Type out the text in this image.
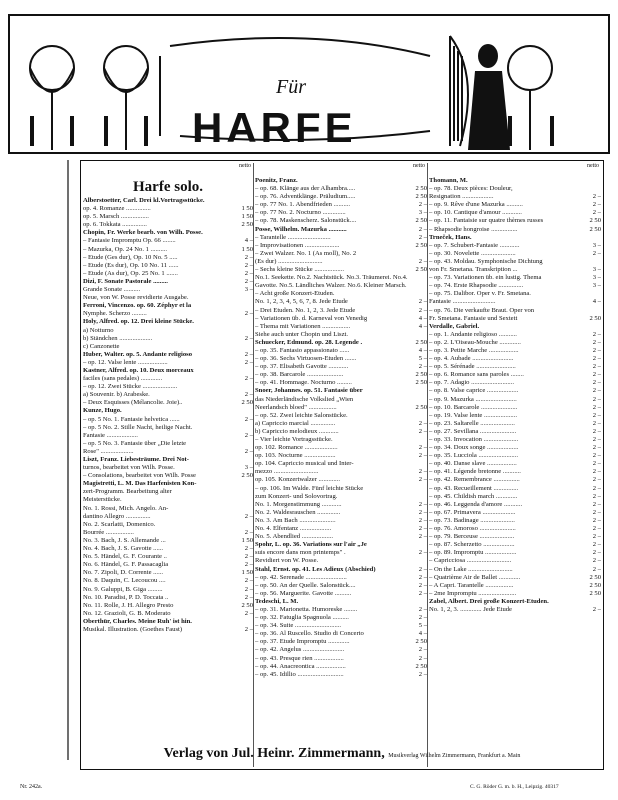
Für
HARFE
netto
Harfe solo.
Alberstoetter, Carl. Drei kl.Vortragsstücke.
op. 4. Romanze ...............	1 50
op. 5. Marsch .................	1 50
op. 6. Tokkata ...............	2 50
Chopin, Fr. Werke bearb. von Wilh. Posse.
– Fantasie Impromptu Op. 66 ........	4 –
– Mazurka, Op. 24 No. 1 ..........	1 50
– Etude (Ges dur), Op. 10 No. 5 .....	2 –
– Etude (Es dur), Op. 10 No. 11 ......	2 –
– Etude (As dur), Op. 25 No. 1 .......	2 –
Dizi, F. Sonate Pastorale .........	2 –
Grande Sonate ..........	3 –
Neue, von W. Posse revidierte Ausgabe.
Ferroni, Vincenzo. op. 60. Zéphyr et la
Nymphe. Scherzo .........	2 –
Holy, Alfred. op. 12. Drei kleine Stücke.
a) Notturno
b) Ständchen ....................	2 –
c) Canzonette
Huber, Walter. op. 5. Andante religioso	2 –
– op. 12. Valse lente ..................	2 –
Kastner, Alfred. op. 10. Deux morceaux
faciles (sans pedales) .............	2 –
– op. 12. Zwei Stücke .....................
a) Souvenir. b) Arabeske.	2 –
– Deux Esquisses (Mélancolie. Joie)..	2 50
Kunze, Hugo.
– op. 5 No. 1. Fantasie helvetica ......	2 –
– op. 5 No. 2. Stille Nacht, heilige Nacht.
Fantasie ...................	2 –
– op. 5 No. 3. Fantasie über „Die letzte
Rose" ....................	2 –
Liszt, Franz. Liebesträume. Drei Not-
turnos, bearbeitet von Wilh. Posse.	3 –
– Consolations, bearbeitet von Wilh. Posse	2 50
Magistretti, L. M. Das Harfenisten Kon-
zert-Programm. Bearbeitung alter
Meisterstücke.
No. 1. Rossi, Mich. Angelo. An-
dantino Allegro ...............	2 –
No. 2. Scarlatti, Domenico.
Bourrée .................	2 –
No. 3. Bach, J. S. Allemande ...	1 50
No. 4. Bach, J. S. Gavotte ......	2 –
No. 5. Händel, G. F. Courante ..	2 –
No. 6. Händel, G. F. Passacaglia	2 –
No. 7. Zipoli, D. Corrente ......	1 50
No. 8. Daquin, C. Lecoucou ....	2 –
No. 9. Galuppi, B. Giga .........	2 –
No. 10. Paradisi, P. D. Toccata ..	2 –
No. 11. Rolle, J. H. Allegro Presto	2 50
No. 12. Grazioli, G. B. Moderato	2 –
Oberthür, Charles. Meine Ruh' ist hin.
Musikal. Illustration. (Goethes Faust)	2 –
netto
Poenitz, Franz.
– op. 68. Klänge aus der Alhambra.....	2 50
– op. 76. Adventklänge. Präludium.....	2 50
– op. 77 No. 1. Abendfrieden ..........	2 –
– op. 77 No. 2. Nocturno ..............	3 –
– op. 78. Maskenscherz. Salonstück....	2 50
Posse, Wilhelm. Mazurka ...........	2 –
– Tarantelle ..........................	2 –
– Improvisationen .....................	2 50
– Zwei Walzer. No. 1 (As moll), No. 2
(Es dur) ...........................	2 –
– Sechs kleine Stücke ..................	2 50
No.1. Seekette. No.2. Nachtstück. No.3. Träumerei. No.4.
Gavotte. No.5. Ländliches Walzer. No.6. Kleiner Marsch.
– Acht große Konzert-Etuden.
No. 1, 2, 3, 4, 5, 6, 7, 8. Jede Etude	2 –
– Drei Etuden. No. 1, 2, 3. Jede Etude	2 –
– Variationen üb. d. Karneval von Venedig	4 –
– Thema mit Variationen .................	4 –
Siehe auch unter Chopin und Liszt.
Schuecker, Edmund. op. 28. Legende .	2 50
– op. 35. Fantasio appassionato ......	4 –
– op. 36. Sechs Virtuosen-Etuden .......	5 –
– op. 37. Elisabeth Gavotte ............	2 –
– op. 38. Barcarole ......................	2 50
– op. 41. Hommage. Nocturno .........	2 50
Snoer, Johannes. op. 51. Fantasie über
das Niederländische Volkslied „Wien
Neerlandsch bloed" .................	2 50
– op. 52. Zwei leichte Salonstücke.
a) Capriccio marcial ...............	2 –
b) Capriccio melodieux ............	2 –
– Vier leichte Vortragsstücke.
op. 102. Romance ....................	2 –
op. 103. Nocturne ...................	2 –
op. 104. Capriccio musical und Inter-
mezzo ...........................	2 –
op. 105. Konzertwalzer .............	2 –
– op. 106. Im Walde. Fünf leichte Stücke
zum Konzert- und Solovortrag.
No. 1. Morgenstimmung ............	2 –
No. 2. Waldesrauschen ..............	2 –
No. 3. Am Bach ......................	2 –
No. 4. Elfentanz ...................	2 –
No. 5. Abendlied ...................	2 –
Spohr, L. op. 36. Variations sur l'air „Je
suis encore dans mon printemps" .	2 –
Revidiert von W. Posse.
Stahl, Ernst. op. 41. Les Adieux (Abschied)	2 –
– op. 42. Serenade .........................	2 –
– op. 50. An der Quelle. Salonstück....	2 –
– op. 56. Marguerite. Gavotte ..........	2 –
Tedeschi, L. M.
– op. 31. Marionetta. Humoreske ........	2 –
– op. 32. Fatuglia Spagnuola ..........	2 –
– op. 34. Suite ............................	5 –
– op. 36. Al Ruscello. Studio di Concerto	4 –
– op. 37. Etude Impromptu .............	2 50
– op. 42. Angelus .........................	2 –
– op. 43. Presque rien ..................	2 –
– op. 44. Anacreontica ..................	2 50
– op. 45. Idillio ............................	2 –
netto
Thomann, M.
– op. 78. Deux pièces: Douleur,
Resignation ...................	2 –
– op. 9. Rêve d'une Mazurka ..........	2 –
– op. 10. Cantique d'amour ............	2 –
– op. 11. Fantaisie sur quatre thèmes russes	2 50
– Rhapsodie hongroise ................	2 50
Trneček, Hans.
– op. 7. Schubert-Fantasie ............	3 –
– op. 30. Novelette .....................	2 –
– op. 43. Moldau. Symphonische Dichtung
von Fr. Smetana. Transkription ...	3 –
– op. 73. Variationen üb. ein lustig. Thema	3 –
– op. 74. Erste Rhapsodie ...............	3 –
– op. 75. Dalibor. Oper v. Fr. Smetana.
Fantasie ..........................	4 –
– op. 76. Die verkaufte Braut. Oper von
Fr. Smetana. Fantasie und Sextett	2 50
Verdalle, Gabriel.
– op. 1. Andante religioso ...........	2 –
– op. 2. L'Oiseau-Mouche .............	2 –
– op. 3. Petite Marche ..................	2 –
– op. 4. Aubade .........................	2 –
– op. 5. Sérénade ........................	2 –
– op. 6. Romance sans paroles ........	2 –
– op. 7. Adagio ..........................	2 –
– op. 8. Valse caprice ...................	2 –
– op. 9. Mazurka .........................	2 –
– op. 10. Barcarole ......................	2 –
– op. 19. Valse lente ....................	2 –
– op. 23. Saltarelle .....................	2 –
– op. 27. Sevillana ......................	2 –
– op. 33. Invocation .....................	2 –
– op. 34. Doux songe ...................	2 –
– op. 35. Lucciola ........................	2 –
– op. 40. Danse slave ..................	2 –
– op. 41. Légende bretonne ...........	2 –
– op. 42. Remembrance ................	2 –
– op. 43. Recueillement ...............	2 –
– op. 45. Childish march .............	2 –
– op. 46. Leggenda d'amore ...........	2 –
– op. 67. Primavera ....................	2 –
– op. 73. Badinage .....................	2 –
– op. 76. Amoroso ......................	2 –
– op. 79. Berceuse .....................	2 –
– op. 87. Scherzetto ...................	2 –
– op. 89. Impromptu ...................	2 –
– Capricciosa ...........................	2 –
– On the Lake ...........................	2 –
– Quatrième Air de Ballet .............	2 50
– A Capri. Tarantelle .................	2 50
– 2me Impromptu .......................	2 50
Zabel, Albert. Drei große Konzert-Etuden.
No. 1, 2, 3. ............. Jede Etude	2 –
Verlag von Jul. Heinr. Zimmermann, Musikverlag Wilhelm Zimmermann, Frankfurt a. Main
Nr. 242a.	C. G. Röder G. m. b. H., Leipzig. 40317
